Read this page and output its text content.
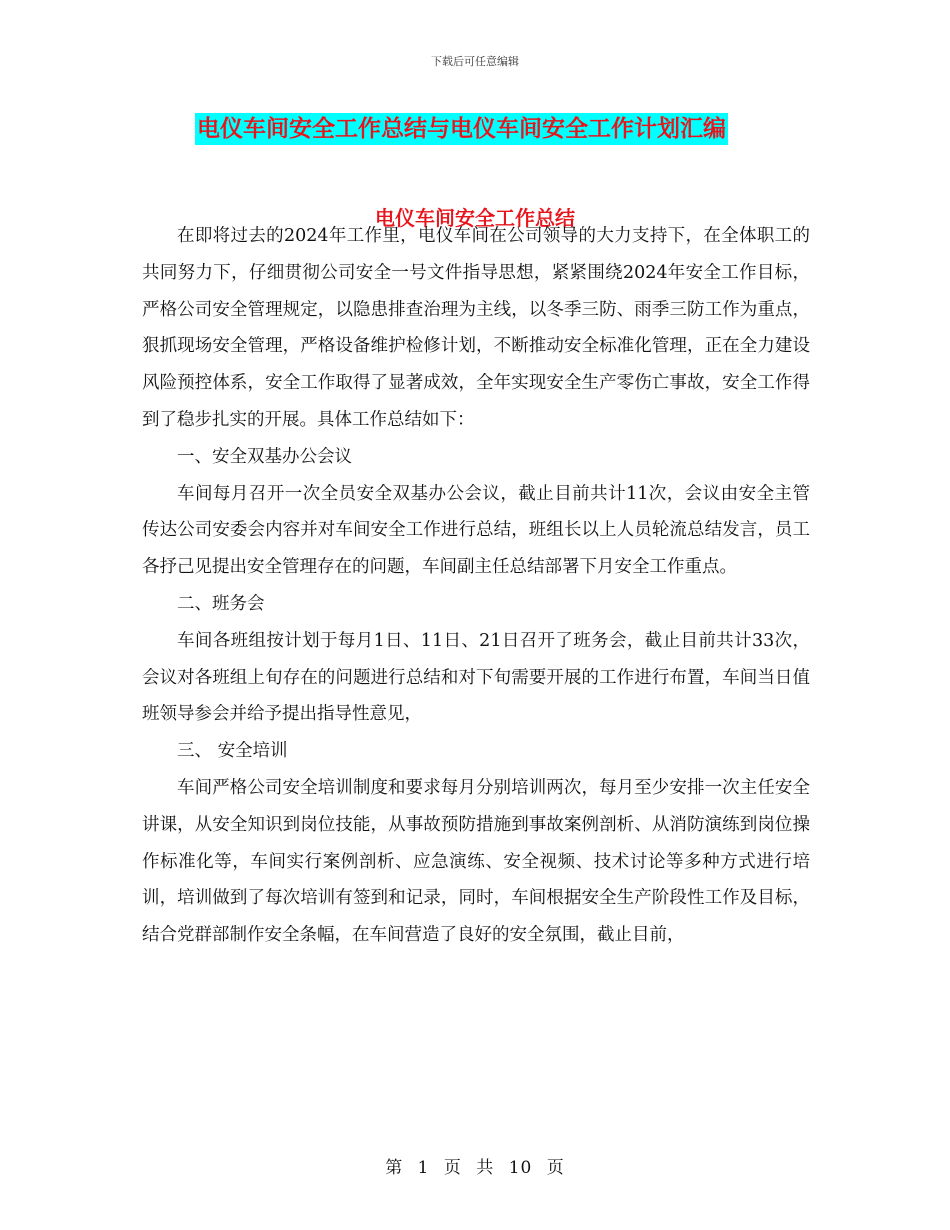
下载后可任意编辑
电仪车间安全工作总结与电仪车间安全工作计划汇编
电仪车间安全工作总结

在即将过去的2024年工作里，电仪车间在公司领导的大力支持下，在全体职工的共同努力下，仔细贯彻公司安全一号文件指导思想，紧紧围绕2024年安全工作目标，严格公司安全管理规定，以隐患排查治理为主线，以冬季三防、雨季三防工作为重点，狠抓现场安全管理，严格设备维护检修计划，不断推动安全标准化管理，正在全力建设风险预控体系，安全工作取得了显著成效，全年实现安全生产零伤亡事故，安全工作得到了稳步扎实的开展。具体工作总结如下：

一、安全双基办公会议

车间每月召开一次全员安全双基办公会议，截止目前共计11次，会议由安全主管传达公司安委会内容并对车间安全工作进行总结，班组长以上人员轮流总结发言，员工各抒己见提出安全管理存在的问题，车间副主任总结部署下月安全工作重点。

二、班务会

车间各班组按计划于每月1日、11日、21日召开了班务会，截止目前共计33次，会议对各班组上旬存在的问题进行总结和对下旬需要开展的工作进行布置，车间当日值班领导参会并给予提出指导性意见，

三、 安全培训

车间严格公司安全培训制度和要求每月分别培训两次，每月至少安排一次主任安全讲课，从安全知识到岗位技能，从事故预防措施到事故案例剖析、从消防演练到岗位操作标准化等，车间实行案例剖析、应急演练、安全视频、技术讨论等多种方式进行培训，培训做到了每次培训有签到和记录，同时，车间根据安全生产阶段性工作及目标，结合党群部制作安全条幅，在车间营造了良好的安全氛围，截止目前，

第 1 页 共 10 页
